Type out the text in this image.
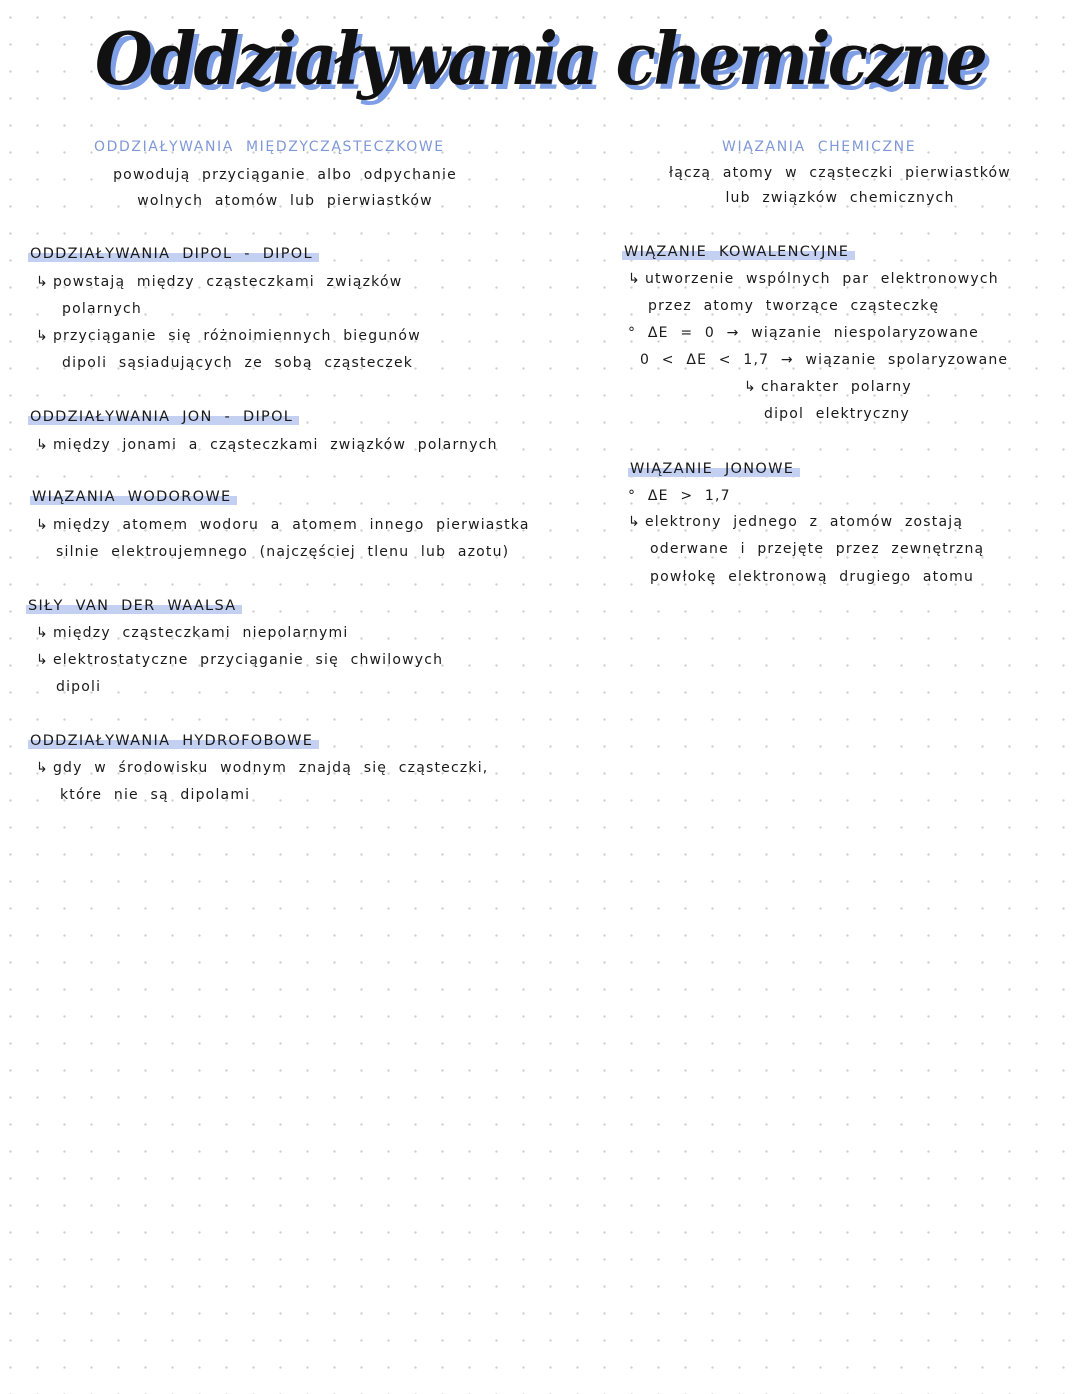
Oddziaływania chemiczne
ODDZIAŁYWANIA MIĘDZYCZĄSTECZKOWE
powodują przyciąganie albo odpychanie
wolnych atomów lub pierwiastków
ODDZIAŁYWANIA DIPOL - DIPOL
↳ powstają między cząsteczkami związków
polarnych
↳ przyciąganie się różnoimiennych biegunów
dipoli sąsiadujących ze sobą cząsteczek
ODDZIAŁYWANIA JON - DIPOL
↳ między jonami a cząsteczkami związków polarnych
WIĄZANIA WODOROWE
↳ między atomem wodoru a atomem innego pierwiastka
silnie elektroujemnego (najczęściej tlenu lub azotu)
SIŁY VAN DER WAALSA
↳ między cząsteczkami niepolarnymi
↳ elektrostatyczne przyciąganie się chwilowych
dipoli
ODDZIAŁYWANIA HYDROFOBOWE
↳ gdy w środowisku wodnym znajdą się cząsteczki,
które nie są dipolami
WIĄZANIA CHEMICZNE
łączą atomy w cząsteczki pierwiastków
lub związków chemicznych
WIĄZANIE KOWALENCYJNE
↳ utworzenie wspólnych par elektronowych
przez atomy tworzące cząsteczkę
° ΔE = 0 → wiązanie niespolaryzowane
0 < ΔE < 1,7 → wiązanie spolaryzowane
↳ charakter polarny
dipol elektryczny
WIĄZANIE JONOWE
° ΔE > 1,7
↳ elektrony jednego z atomów zostają
oderwane i przejęte przez zewnętrzną
powłokę elektronową drugiego atomu
